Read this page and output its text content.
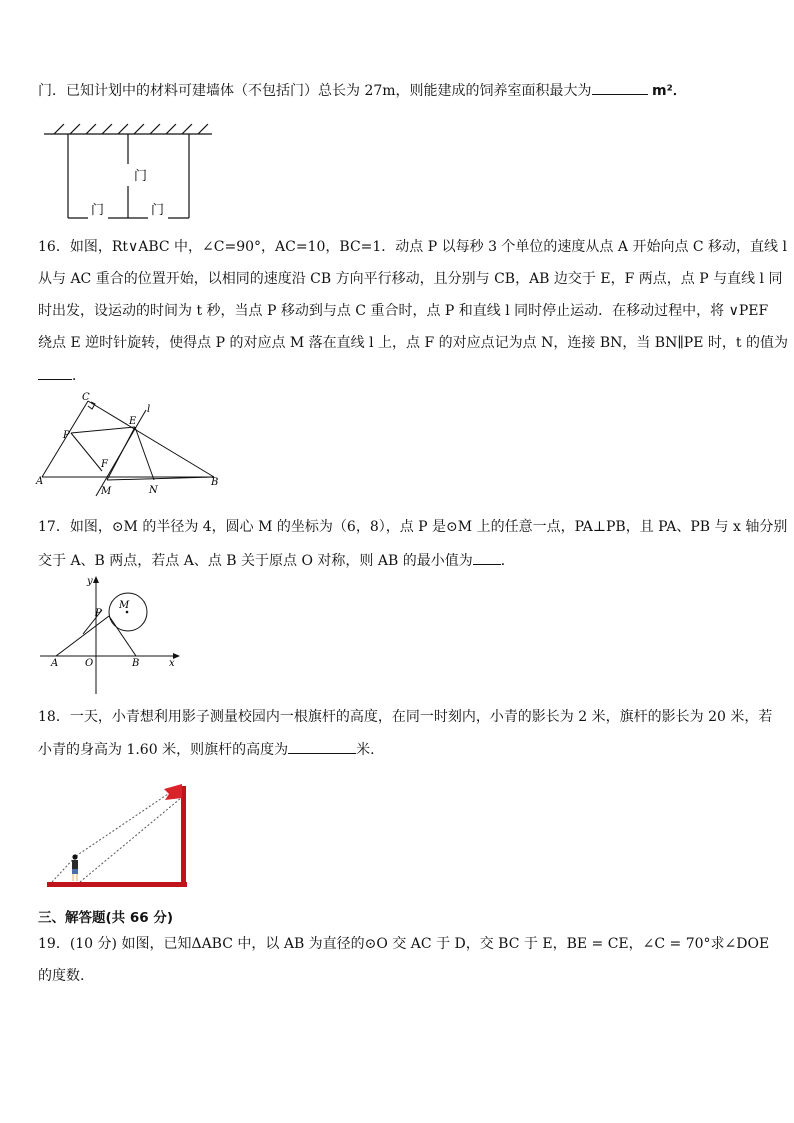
门．已知计划中的材料可建墙体（不包括门）总长为 27m，则能建成的饲养室面积最大为	m²．
门
门	门
16．如图，Rt∨ABC 中，∠C=90°，AC=10，BC=1．动点 P 以每秒 3 个单位的速度从点 A 开始向点 C 移动，直线 l
从与 AC 重合的位置开始，以相同的速度沿 CB 方向平行移动，且分别与 CB，AB 边交于 E，F 两点，点 P 与直线 l 同
时出发，设运动的时间为 t 秒，当点 P 移动到与点 C 重合时，点 P 和直线 l 同时停止运动．在移动过程中，将 ∨PEF
绕点 E 逆时针旋转，使得点 P 的对应点 M 落在直线 l 上，点 F 的对应点记为点 N，连接 BN，当 BN∥PE 时，t 的值为
．
C
E
l
P
F
A
M	N
B
17．如图，⊙M 的半径为 4，圆心 M 的坐标为（6，8），点 P 是⊙M 上的任意一点，PA⊥PB，且 PA、PB 与 x 轴分别
交于 A、B 两点，若点 A、点 B 关于原点 O 对称，则 AB 的最小值为 ．
y
M
P
A	O	B	x
18．一天，小青想利用影子测量校园内一根旗杆的高度，在同一时刻内，小青的影长为 2 米，旗杆的影长为 20 米，若
小青的身高为 1.60 米，则旗杆的高度为	米.
三、解答题(共 66 分)
19．(10 分) 如图，已知ΔABC 中，以 AB 为直径的⊙O 交 AC 于 D，交 BC 于 E，BE = CE，∠C = 70°求∠DOE
的度数.
